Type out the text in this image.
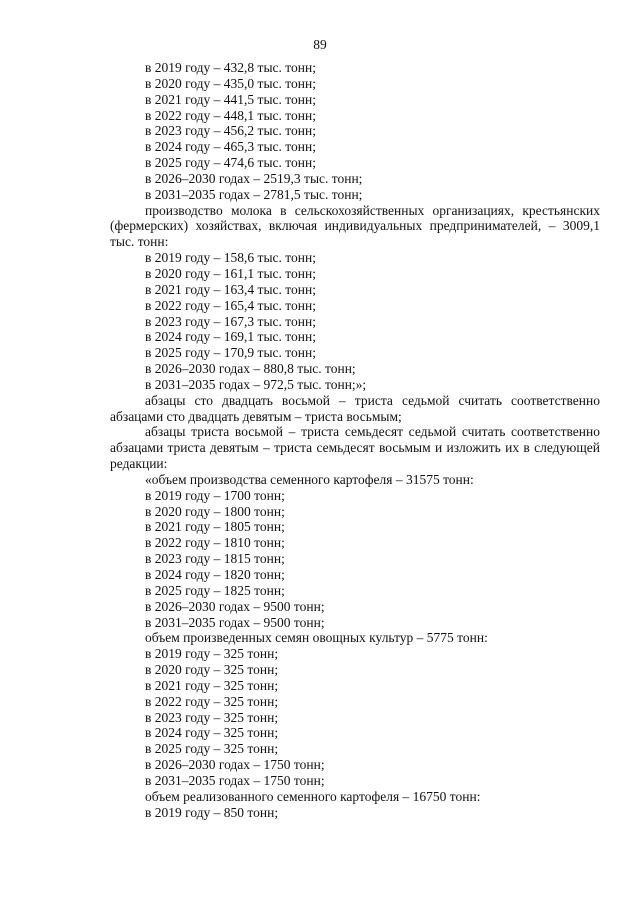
89
в 2019 году – 432,8 тыс. тонн;
в 2020 году – 435,0 тыс. тонн;
в 2021 году – 441,5 тыс. тонн;
в 2022 году – 448,1 тыс. тонн;
в 2023 году – 456,2 тыс. тонн;
в 2024 году – 465,3 тыс. тонн;
в 2025 году – 474,6 тыс. тонн;
в 2026–2030 годах – 2519,3 тыс. тонн;
в 2031–2035 годах – 2781,5 тыс. тонн;
производство молока в сельскохозяйственных организациях, крестьянских (фермерских) хозяйствах, включая индивидуальных предпринимателей, – 3009,1 тыс. тонн:
в 2019 году – 158,6 тыс. тонн;
в 2020 году – 161,1 тыс. тонн;
в 2021 году – 163,4 тыс. тонн;
в 2022 году – 165,4 тыс. тонн;
в 2023 году – 167,3 тыс. тонн;
в 2024 году – 169,1 тыс. тонн;
в 2025 году – 170,9 тыс. тонн;
в 2026–2030 годах – 880,8 тыс. тонн;
в 2031–2035 годах – 972,5 тыс. тонн;»;
абзацы сто двадцать восьмой – триста седьмой считать соответственно абзацами сто двадцать девятым – триста восьмым;
абзацы триста восьмой – триста семьдесят седьмой считать соответственно абзацами триста девятым – триста семьдесят восьмым и изложить их в следующей редакции:
«объем производства семенного картофеля – 31575 тонн:
в 2019 году – 1700 тонн;
в 2020 году – 1800 тонн;
в 2021 году – 1805 тонн;
в 2022 году – 1810 тонн;
в 2023 году – 1815 тонн;
в 2024 году – 1820 тонн;
в 2025 году – 1825 тонн;
в 2026–2030 годах – 9500 тонн;
в 2031–2035 годах – 9500 тонн;
объем произведенных семян овощных культур – 5775 тонн:
в 2019 году – 325 тонн;
в 2020 году – 325 тонн;
в 2021 году – 325 тонн;
в 2022 году – 325 тонн;
в 2023 году – 325 тонн;
в 2024 году – 325 тонн;
в 2025 году – 325 тонн;
в 2026–2030 годах – 1750 тонн;
в 2031–2035 годах – 1750 тонн;
объем реализованного семенного картофеля – 16750 тонн:
в 2019 году – 850 тонн;
